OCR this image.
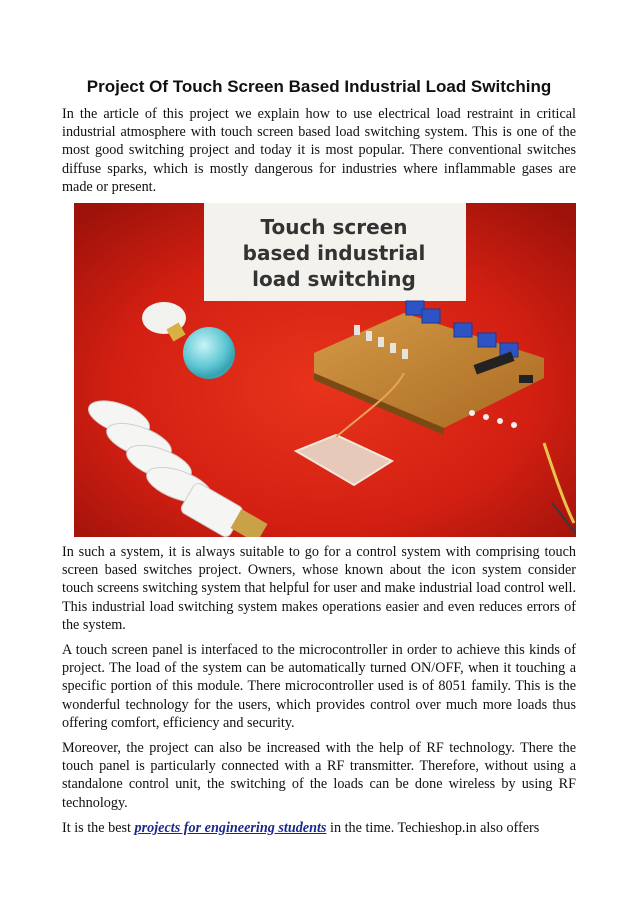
Project Of Touch Screen Based Industrial Load Switching

In the article of this project we explain how to use electrical load restraint in critical industrial atmosphere with touch screen based load switching system. This is one of the most good switching project and today it is most popular. There conventional switches diffuse sparks, which is mostly dangerous for industries where inflammable gases are made or present.

Touch screen
based industrial
load switching

In such a system, it is always suitable to go for a control system with comprising touch screen based switches project. Owners, whose known about the icon system consider touch screens switching system that helpful for user and make industrial load control well. This industrial load switching system makes operations easier and even reduces errors of the system.

A touch screen panel is interfaced to the microcontroller in order to achieve this kinds of project. The load of the system can be automatically turned ON/OFF, when it touching a specific portion of this module. There microcontroller used is of 8051 family. This is the wonderful technology for the users, which provides control over much more loads thus offering comfort, efficiency and security.

Moreover, the project can also be increased with the help of RF technology. There the touch panel is particularly connected with a RF transmitter. Therefore, without using a standalone control unit, the switching of the loads can be done wireless by using RF technology.

It is the best projects for engineering students in the time. Techieshop.in also offers
